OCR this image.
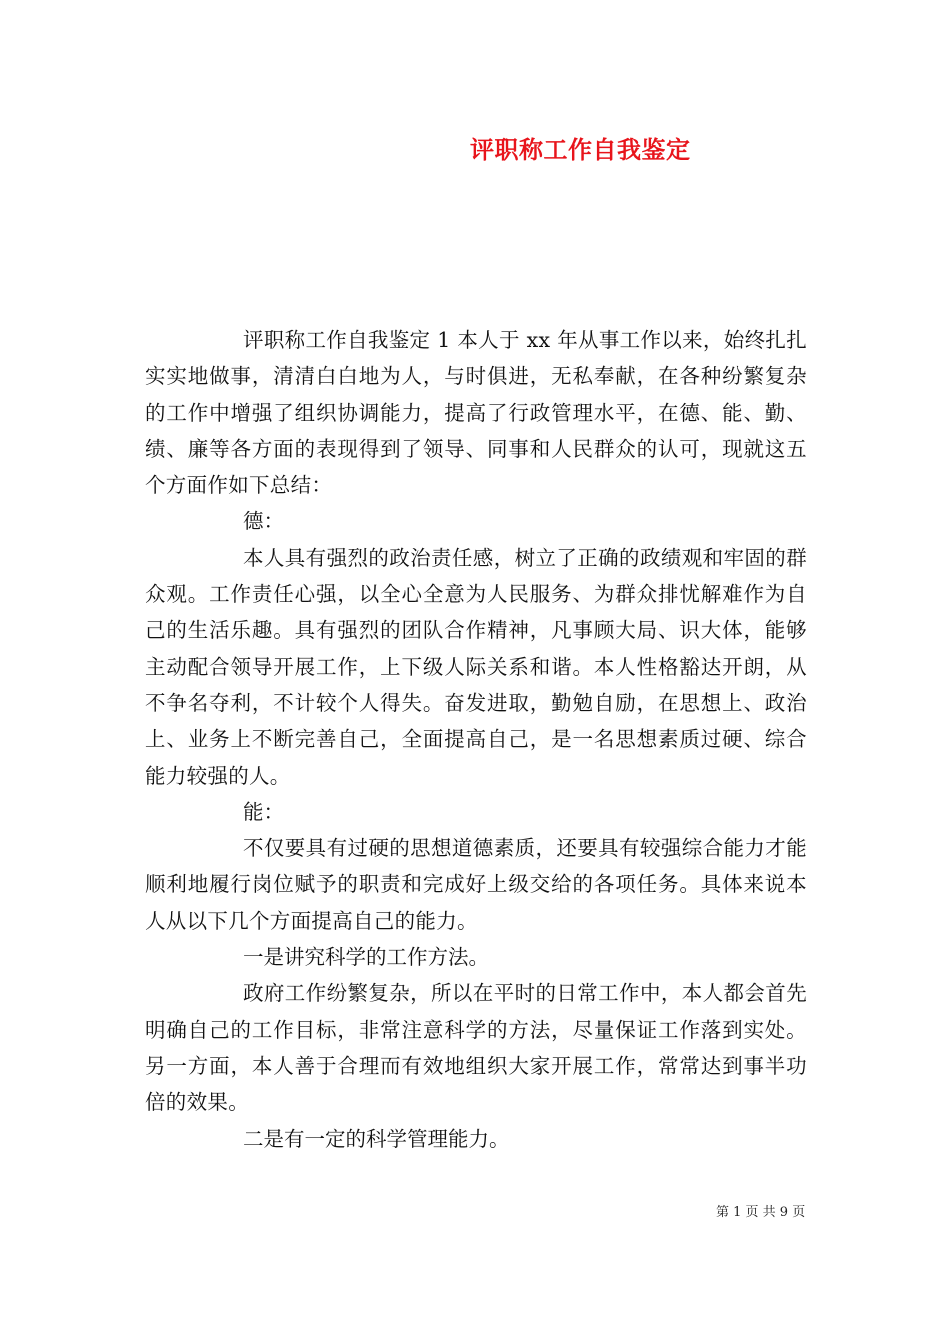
评职称工作自我鉴定

评职称工作自我鉴定 1 本人于 xx 年从事工作以来，始终扎扎实实地做事，清清白白地为人，与时俱进，无私奉献，在各种纷繁复杂的工作中增强了组织协调能力，提高了行政管理水平，在德、能、勤、绩、廉等各方面的表现得到了领导、同事和人民群众的认可，现就这五个方面作如下总结：

德：

本人具有强烈的政治责任感，树立了正确的政绩观和牢固的群众观。工作责任心强，以全心全意为人民服务、为群众排忧解难作为自己的生活乐趣。具有强烈的团队合作精神，凡事顾大局、识大体，能够主动配合领导开展工作，上下级人际关系和谐。本人性格豁达开朗，从不争名夺利，不计较个人得失。奋发进取，勤勉自励，在思想上、政治上、业务上不断完善自己，全面提高自己，是一名思想素质过硬、综合能力较强的人。

能：

不仅要具有过硬的思想道德素质，还要具有较强综合能力才能顺利地履行岗位赋予的职责和完成好上级交给的各项任务。具体来说本人从以下几个方面提高自己的能力。

一是讲究科学的工作方法。

政府工作纷繁复杂，所以在平时的日常工作中，本人都会首先明确自己的工作目标，非常注意科学的方法，尽量保证工作落到实处。另一方面，本人善于合理而有效地组织大家开展工作，常常达到事半功倍的效果。

二是有一定的科学管理能力。

第 1 页 共 9 页
